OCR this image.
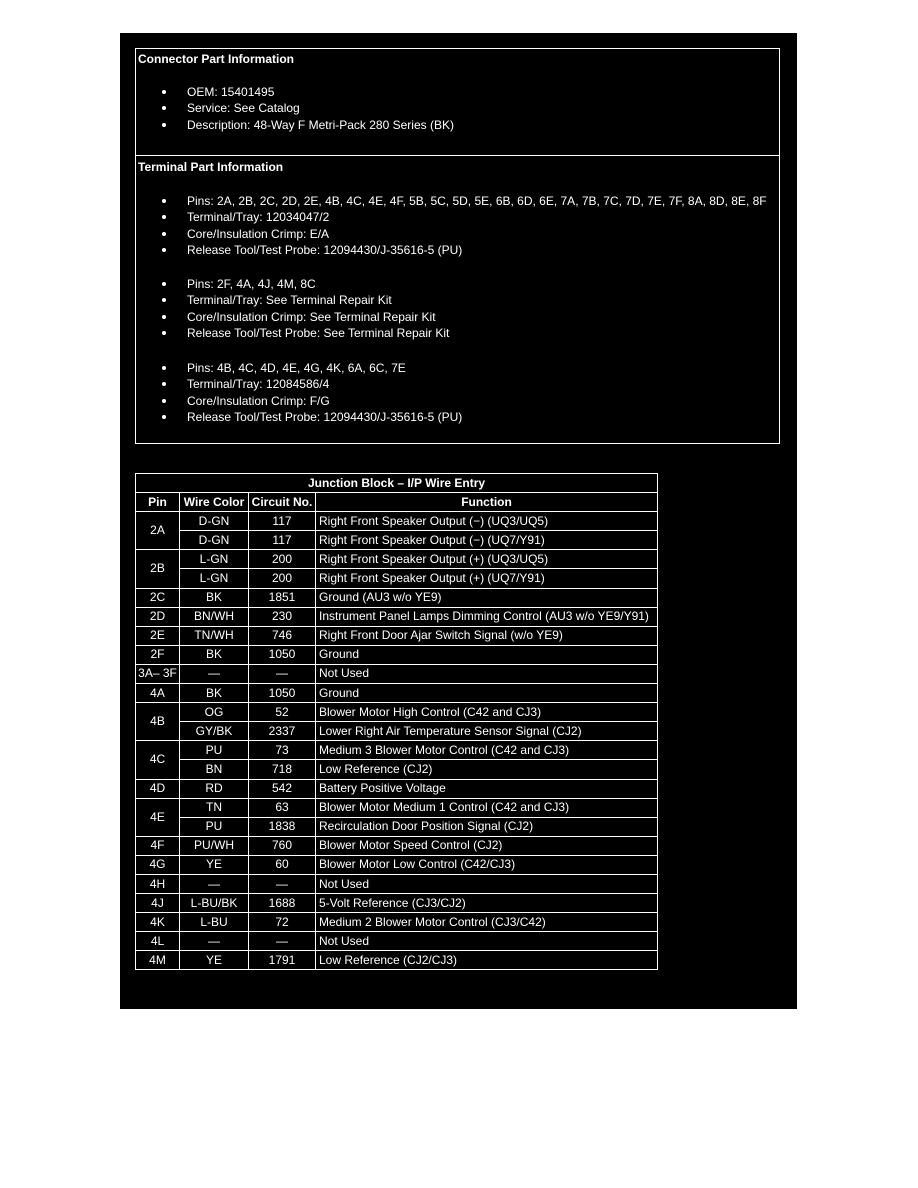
Connector Part Information
OEM: 15401495
Service: See Catalog
Description: 48-Way F Metri-Pack 280 Series (BK)
Terminal Part Information
Pins: 2A, 2B, 2C, 2D, 2E, 4B, 4C, 4E, 4F, 5B, 5C, 5D, 5E, 6B, 6D, 6E, 7A, 7B, 7C, 7D, 7E, 7F, 8A, 8D, 8E, 8F
Terminal/Tray: 12034047/2
Core/Insulation Crimp: E/A
Release Tool/Test Probe: 12094430/J-35616-5 (PU)
Pins: 2F, 4A, 4J, 4M, 8C
Terminal/Tray: See Terminal Repair Kit
Core/Insulation Crimp: See Terminal Repair Kit
Release Tool/Test Probe: See Terminal Repair Kit
Pins: 4B, 4C, 4D, 4E, 4G, 4K, 6A, 6C, 7E
Terminal/Tray: 12084586/4
Core/Insulation Crimp: F/G
Release Tool/Test Probe: 12094430/J-35616-5 (PU)
Junction Block – I/P Wire Entry			
Pin	Wire Color	Circuit No.	Function
2A	D-GN	117	Right Front Speaker Output (−) (UQ3/UQ5)
	D-GN	117	Right Front Speaker Output (−) (UQ7/Y91)
2B	L-GN	200	Right Front Speaker Output (+) (UQ3/UQ5)
	L-GN	200	Right Front Speaker Output (+) (UQ7/Y91)
2C	BK	1851	Ground (AU3 w/o YE9)
2D	BN/WH	230	Instrument Panel Lamps Dimming Control (AU3 w/o YE9/Y91)
2E	TN/WH	746	Right Front Door Ajar Switch Signal (w/o YE9)
2F	BK	1050	Ground
3A– 3F	—	—	Not Used
4A	BK	1050	Ground
4B	OG	52	Blower Motor High Control (C42 and CJ3)
	GY/BK	2337	Lower Right Air Temperature Sensor Signal (CJ2)
4C	PU	73	Medium 3 Blower Motor Control (C42 and CJ3)
	BN	718	Low Reference (CJ2)
4D	RD	542	Battery Positive Voltage
4E	TN	63	Blower Motor Medium 1 Control (C42 and CJ3)
	PU	1838	Recirculation Door Position Signal (CJ2)
4F	PU/WH	760	Blower Motor Speed Control (CJ2)
4G	YE	60	Blower Motor Low Control (C42/CJ3)
4H	—	—	Not Used
4J	L-BU/BK	1688	5-Volt Reference (CJ3/CJ2)
4K	L-BU	72	Medium 2 Blower Motor Control (CJ3/C42)
4L	—	—	Not Used
4M	YE	1791	Low Reference (CJ2/CJ3)
